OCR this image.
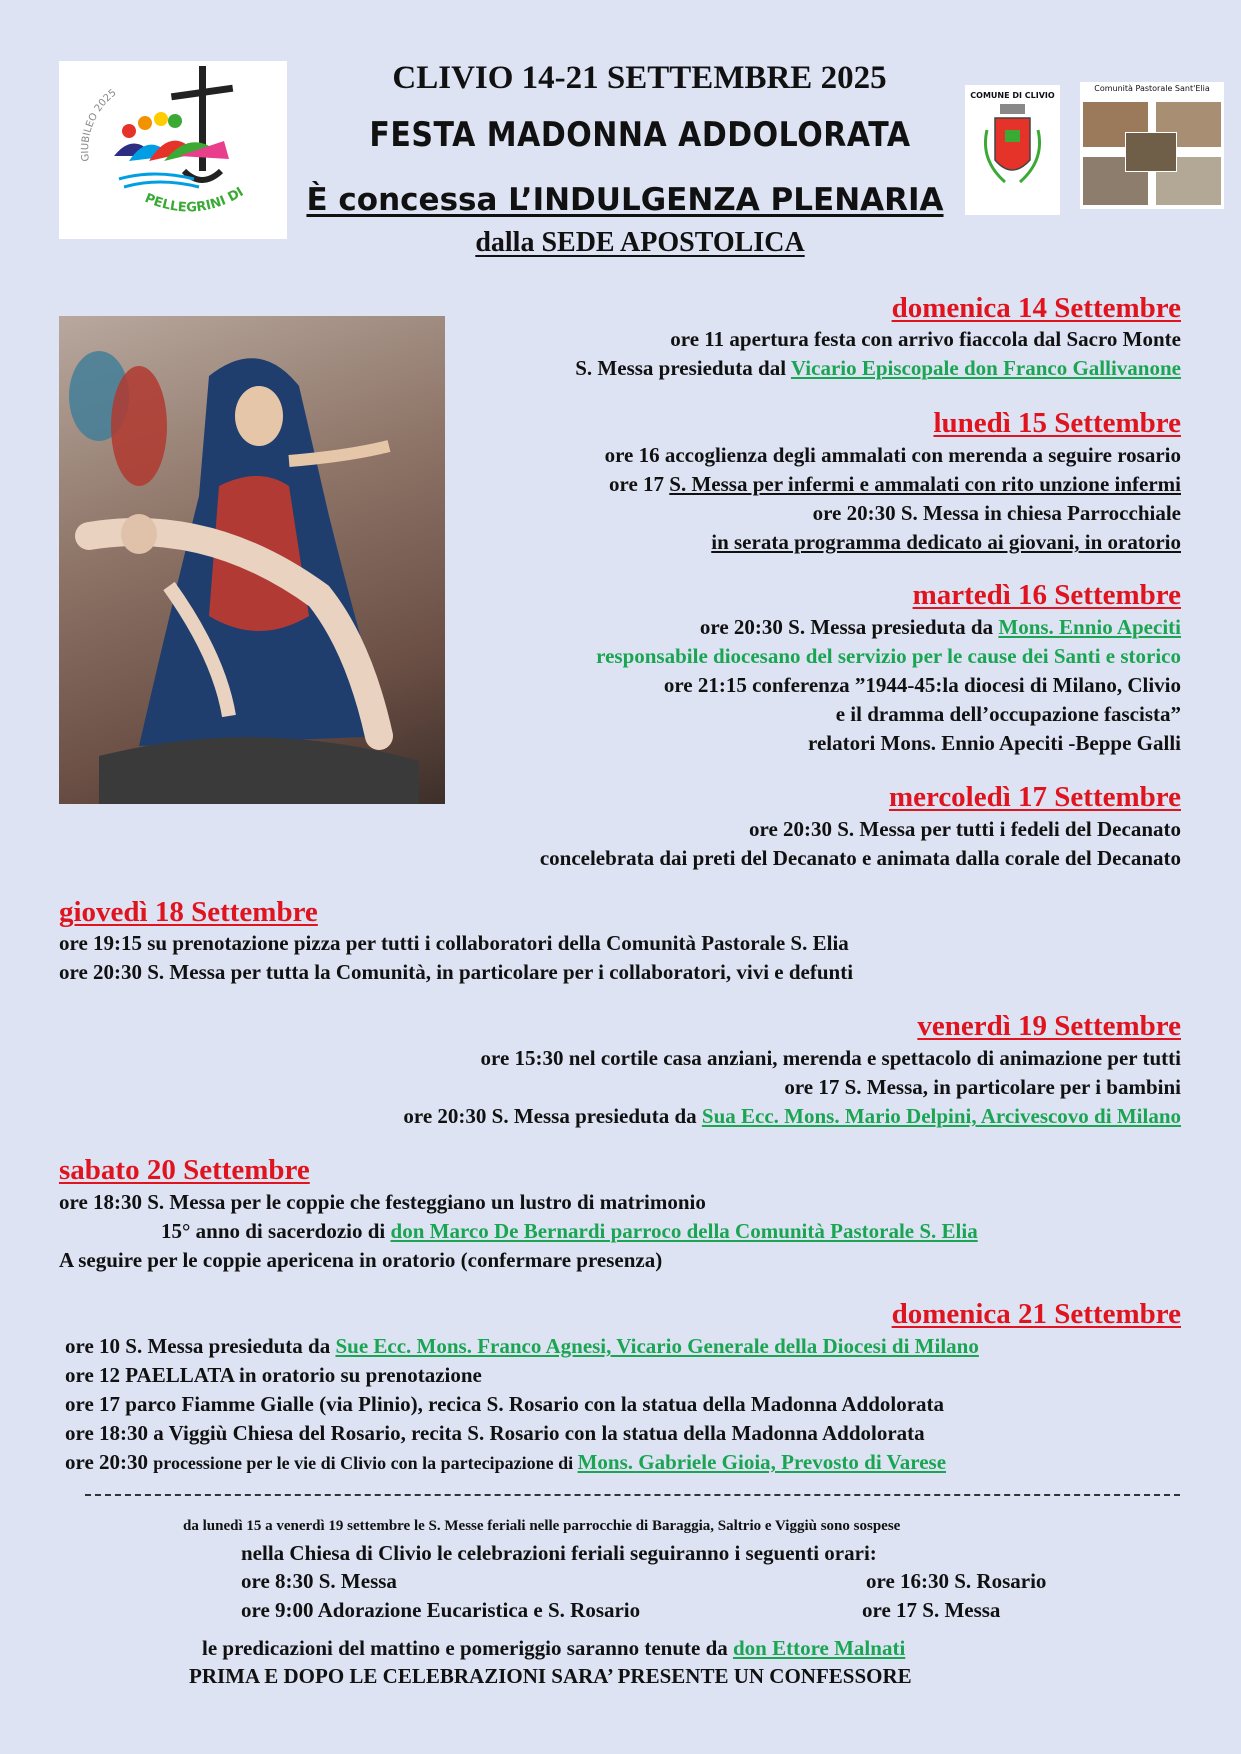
GIUBILEO 2025
PELLEGRINI DI
CLIVIO 14-21 SETTEMBRE 2025
FESTA MADONNA ADDOLORATA
È concessa L’INDULGENZA PLENARIA
dalla SEDE APOSTOLICA
COMUNE DI CLIVIO
Comunità Pastorale Sant'Elia
domenica 14 Settembre
ore 11 apertura festa con arrivo fiaccola dal Sacro Monte
S. Messa presieduta dal Vicario Episcopale don Franco Gallivanone
lunedì 15 Settembre
ore 16 accoglienza degli ammalati con merenda a seguire rosario
ore 17 S. Messa per infermi e ammalati con rito unzione infermi
ore 20:30 S. Messa in chiesa Parrocchiale
in serata programma dedicato ai giovani, in oratorio
martedì 16 Settembre
ore 20:30 S. Messa presieduta da Mons. Ennio Apeciti
responsabile diocesano del servizio per le cause dei Santi e storico
ore 21:15 conferenza ”1944-45:la diocesi di Milano, Clivio
e il dramma dell’occupazione fascista”
relatori Mons. Ennio Apeciti -Beppe Galli
mercoledì 17 Settembre
ore 20:30 S. Messa per tutti i fedeli del Decanato
concelebrata dai preti del Decanato e animata dalla corale del Decanato
giovedì 18 Settembre
ore 19:15 su prenotazione pizza per tutti i collaboratori della Comunità Pastorale S. Elia
ore 20:30 S. Messa per tutta la Comunità, in particolare per i collaboratori, vivi e defunti
venerdì 19 Settembre
ore 15:30 nel cortile casa anziani, merenda e spettacolo di animazione per tutti
ore 17 S. Messa, in particolare per i bambini
ore 20:30 S. Messa presieduta da Sua Ecc. Mons. Mario Delpini, Arcivescovo di Milano
sabato 20 Settembre
ore 18:30 S. Messa per le coppie che festeggiano un lustro di matrimonio
15° anno di sacerdozio di don Marco De Bernardi parroco della Comunità Pastorale S. Elia
A seguire per le coppie apericena in oratorio (confermare presenza)
domenica 21 Settembre
ore 10 S. Messa presieduta da Sue Ecc. Mons. Franco Agnesi, Vicario Generale della Diocesi di Milano
ore 12 PAELLATA in oratorio su prenotazione
ore 17 parco Fiamme Gialle (via Plinio), recica S. Rosario con la statua della Madonna Addolorata
ore 18:30 a Viggiù Chiesa del Rosario, recita S. Rosario con la statua della Madonna Addolorata
ore 20:30 processione per le vie di Clivio con la partecipazione di Mons. Gabriele Gioia, Prevosto di Varese
da lunedì 15 a venerdì 19 settembre le S. Messe feriali nelle parrocchie di Baraggia, Saltrio e Viggiù sono sospese
nella Chiesa di Clivio le celebrazioni feriali seguiranno i seguenti orari:
ore 8:30 S. Messa	ore 16:30 S. Rosario
ore 9:00 Adorazione Eucaristica e S. Rosario	ore 17 S. Messa
le predicazioni del mattino e pomeriggio saranno tenute da don Ettore Malnati
PRIMA E DOPO LE CELEBRAZIONI SARA’ PRESENTE UN CONFESSORE
